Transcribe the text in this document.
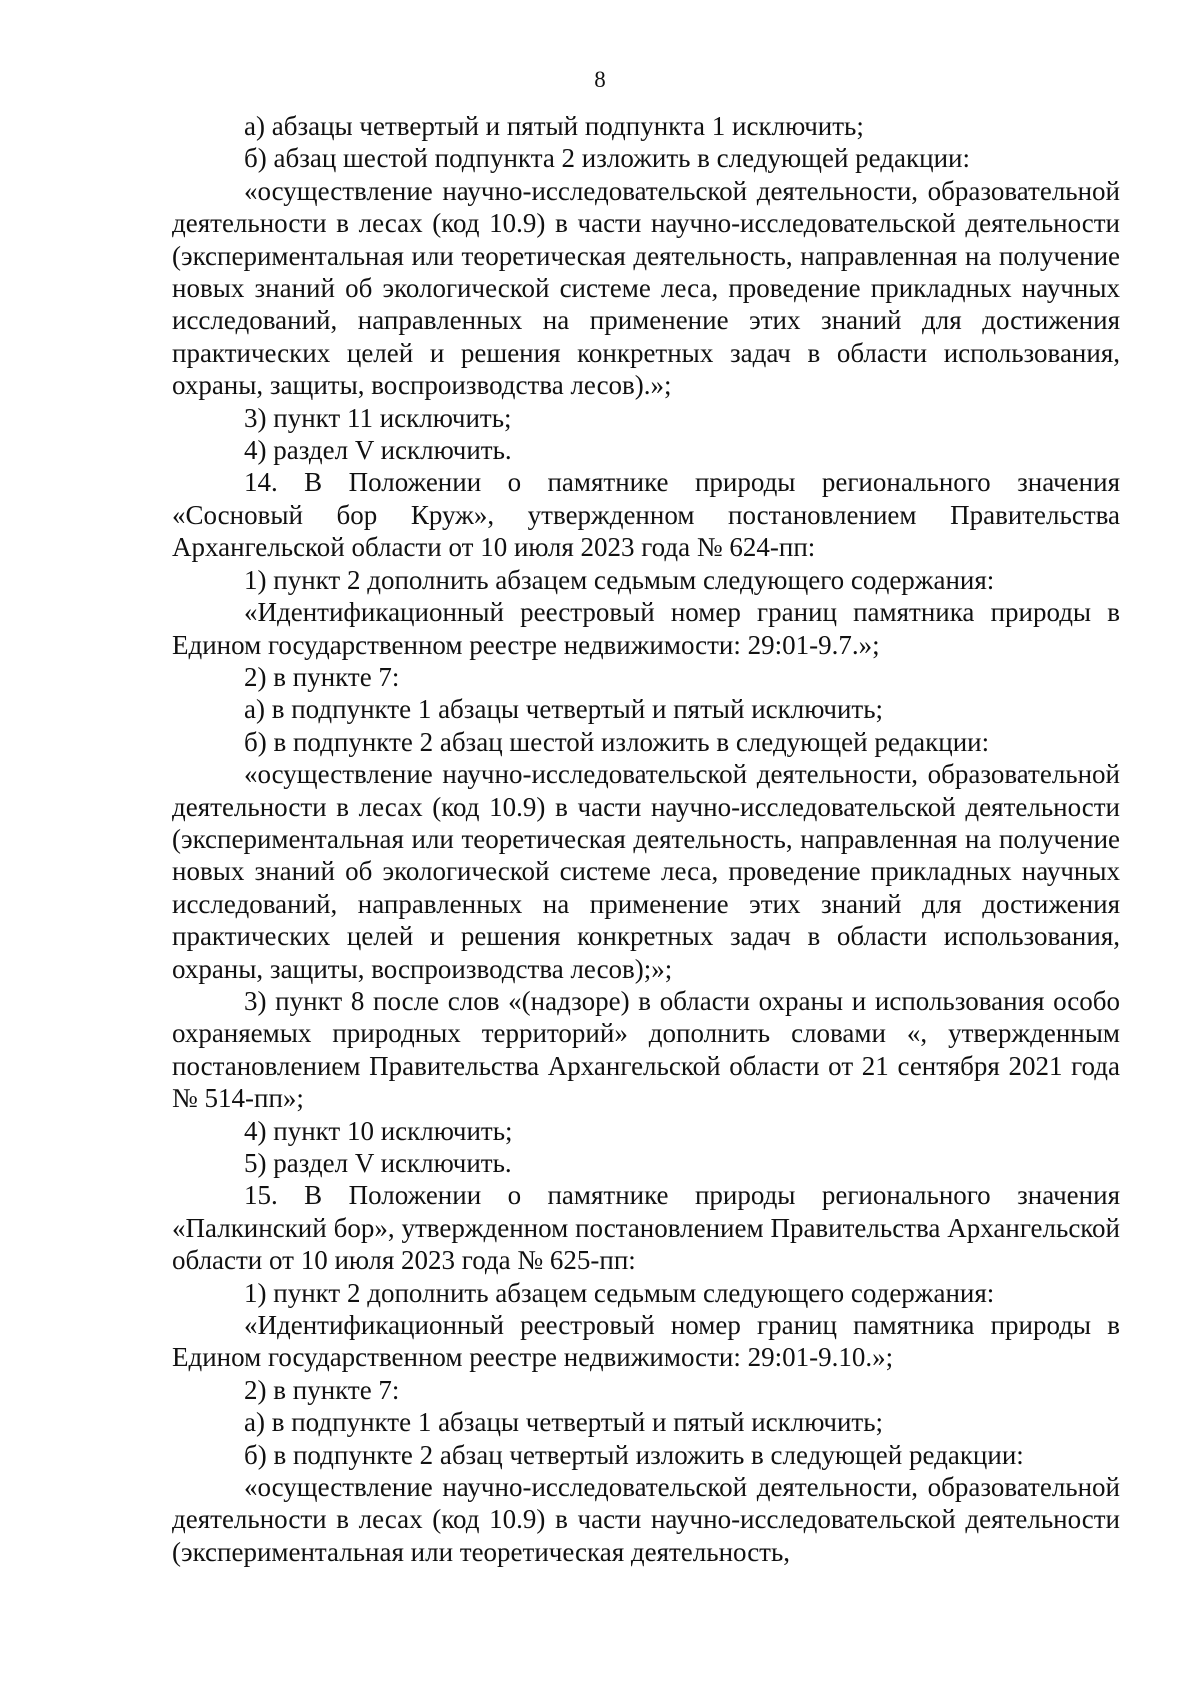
8

а) абзацы четвертый и пятый подпункта 1 исключить;

б) абзац шестой подпункта 2 изложить в следующей редакции:

«осуществление научно-исследовательской деятельности, образовательной деятельности в лесах (код 10.9) в части научно-исследовательской деятельности (экспериментальная или теоретическая деятельность, направленная на получение новых знаний об экологической системе леса, проведение прикладных научных исследований, направленных на применение этих знаний для достижения практических целей и решения конкретных задач в области использования, охраны, защиты, воспроизводства лесов).»;

3) пункт 11 исключить;

4) раздел V исключить.

14. В Положении о памятнике природы регионального значения «Сосновый бор Круж», утвержденном постановлением Правительства Архангельской области от 10 июля 2023 года № 624-пп:

1) пункт 2 дополнить абзацем седьмым следующего содержания:

«Идентификационный реестровый номер границ памятника природы в Едином государственном реестре недвижимости: 29:01-9.7.»;

2) в пункте 7:

а) в подпункте 1 абзацы четвертый и пятый исключить;

б) в подпункте 2 абзац шестой изложить в следующей редакции:

«осуществление научно-исследовательской деятельности, образовательной деятельности в лесах (код 10.9) в части научно-исследовательской деятельности (экспериментальная или теоретическая деятельность, направленная на получение новых знаний об экологической системе леса, проведение прикладных научных исследований, направленных на применение этих знаний для достижения практических целей и решения конкретных задач в области использования, охраны, защиты, воспроизводства лесов);»;

3) пункт 8 после слов «(надзоре) в области охраны и использования особо охраняемых природных территорий» дополнить словами «, утвержденным постановлением Правительства Архангельской области от 21 сентября 2021 года № 514-пп»;

4) пункт 10 исключить;

5) раздел V исключить.

15. В Положении о памятнике природы регионального значения «Палкинский бор», утвержденном постановлением Правительства Архангельской области от 10 июля 2023 года № 625-пп:

1) пункт 2 дополнить абзацем седьмым следующего содержания:

«Идентификационный реестровый номер границ памятника природы в Едином государственном реестре недвижимости: 29:01-9.10.»;

2) в пункте 7:

а) в подпункте 1 абзацы четвертый и пятый исключить;

б) в подпункте 2 абзац четвертый изложить в следующей редакции:

«осуществление научно-исследовательской деятельности, образовательной деятельности в лесах (код 10.9) в части научно-исследовательской деятельности (экспериментальная или теоретическая деятельность,
